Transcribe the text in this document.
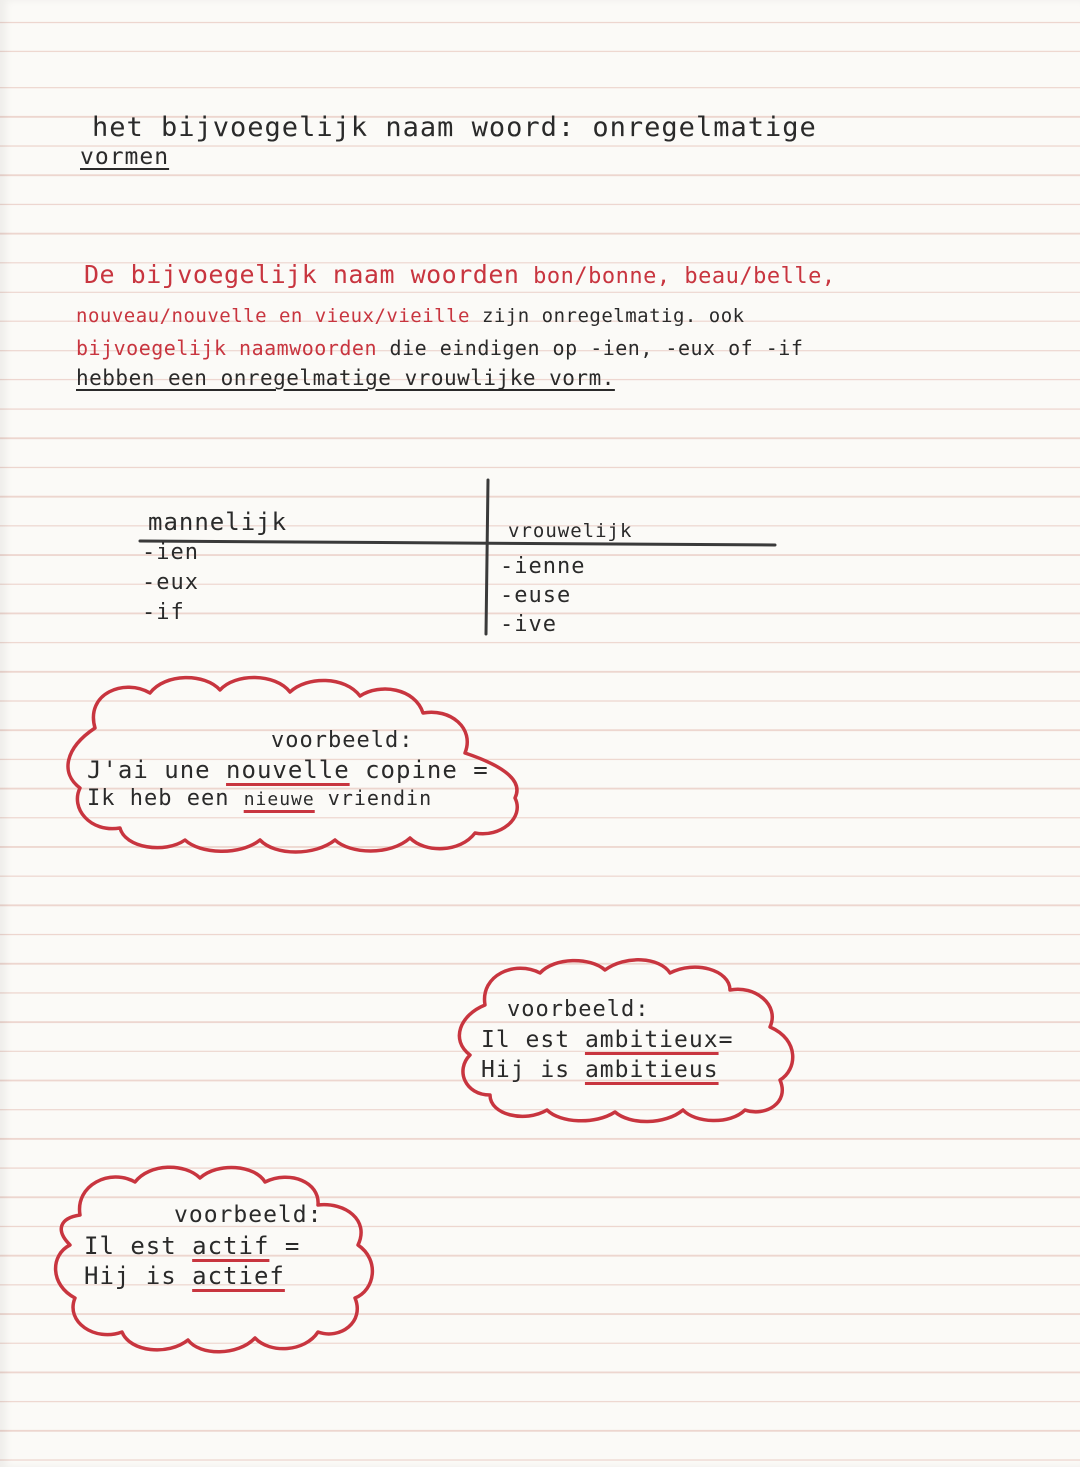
het bijvoegelijk naam woord: onregelmatige
vormen
De bijvoegelijk naam woorden bon/bonne, beau/belle,
nouveau/nouvelle en vieux/vieille zijn onregelmatig. ook
bijvoegelijk naamwoorden die eindigen op -ien, -eux of -if
hebben een onregelmatige vrouwlijke vorm.
mannelijk	vrouwelijk
-ien
-eux
-if
-ienne
-euse
-ive
voorbeeld:
J'ai une nouvelle copine =
Ik heb een nieuwe vriendin
voorbeeld:
Il est ambitieux=
Hij is ambitieus
voorbeeld:
Il est actif =
Hij is actief
